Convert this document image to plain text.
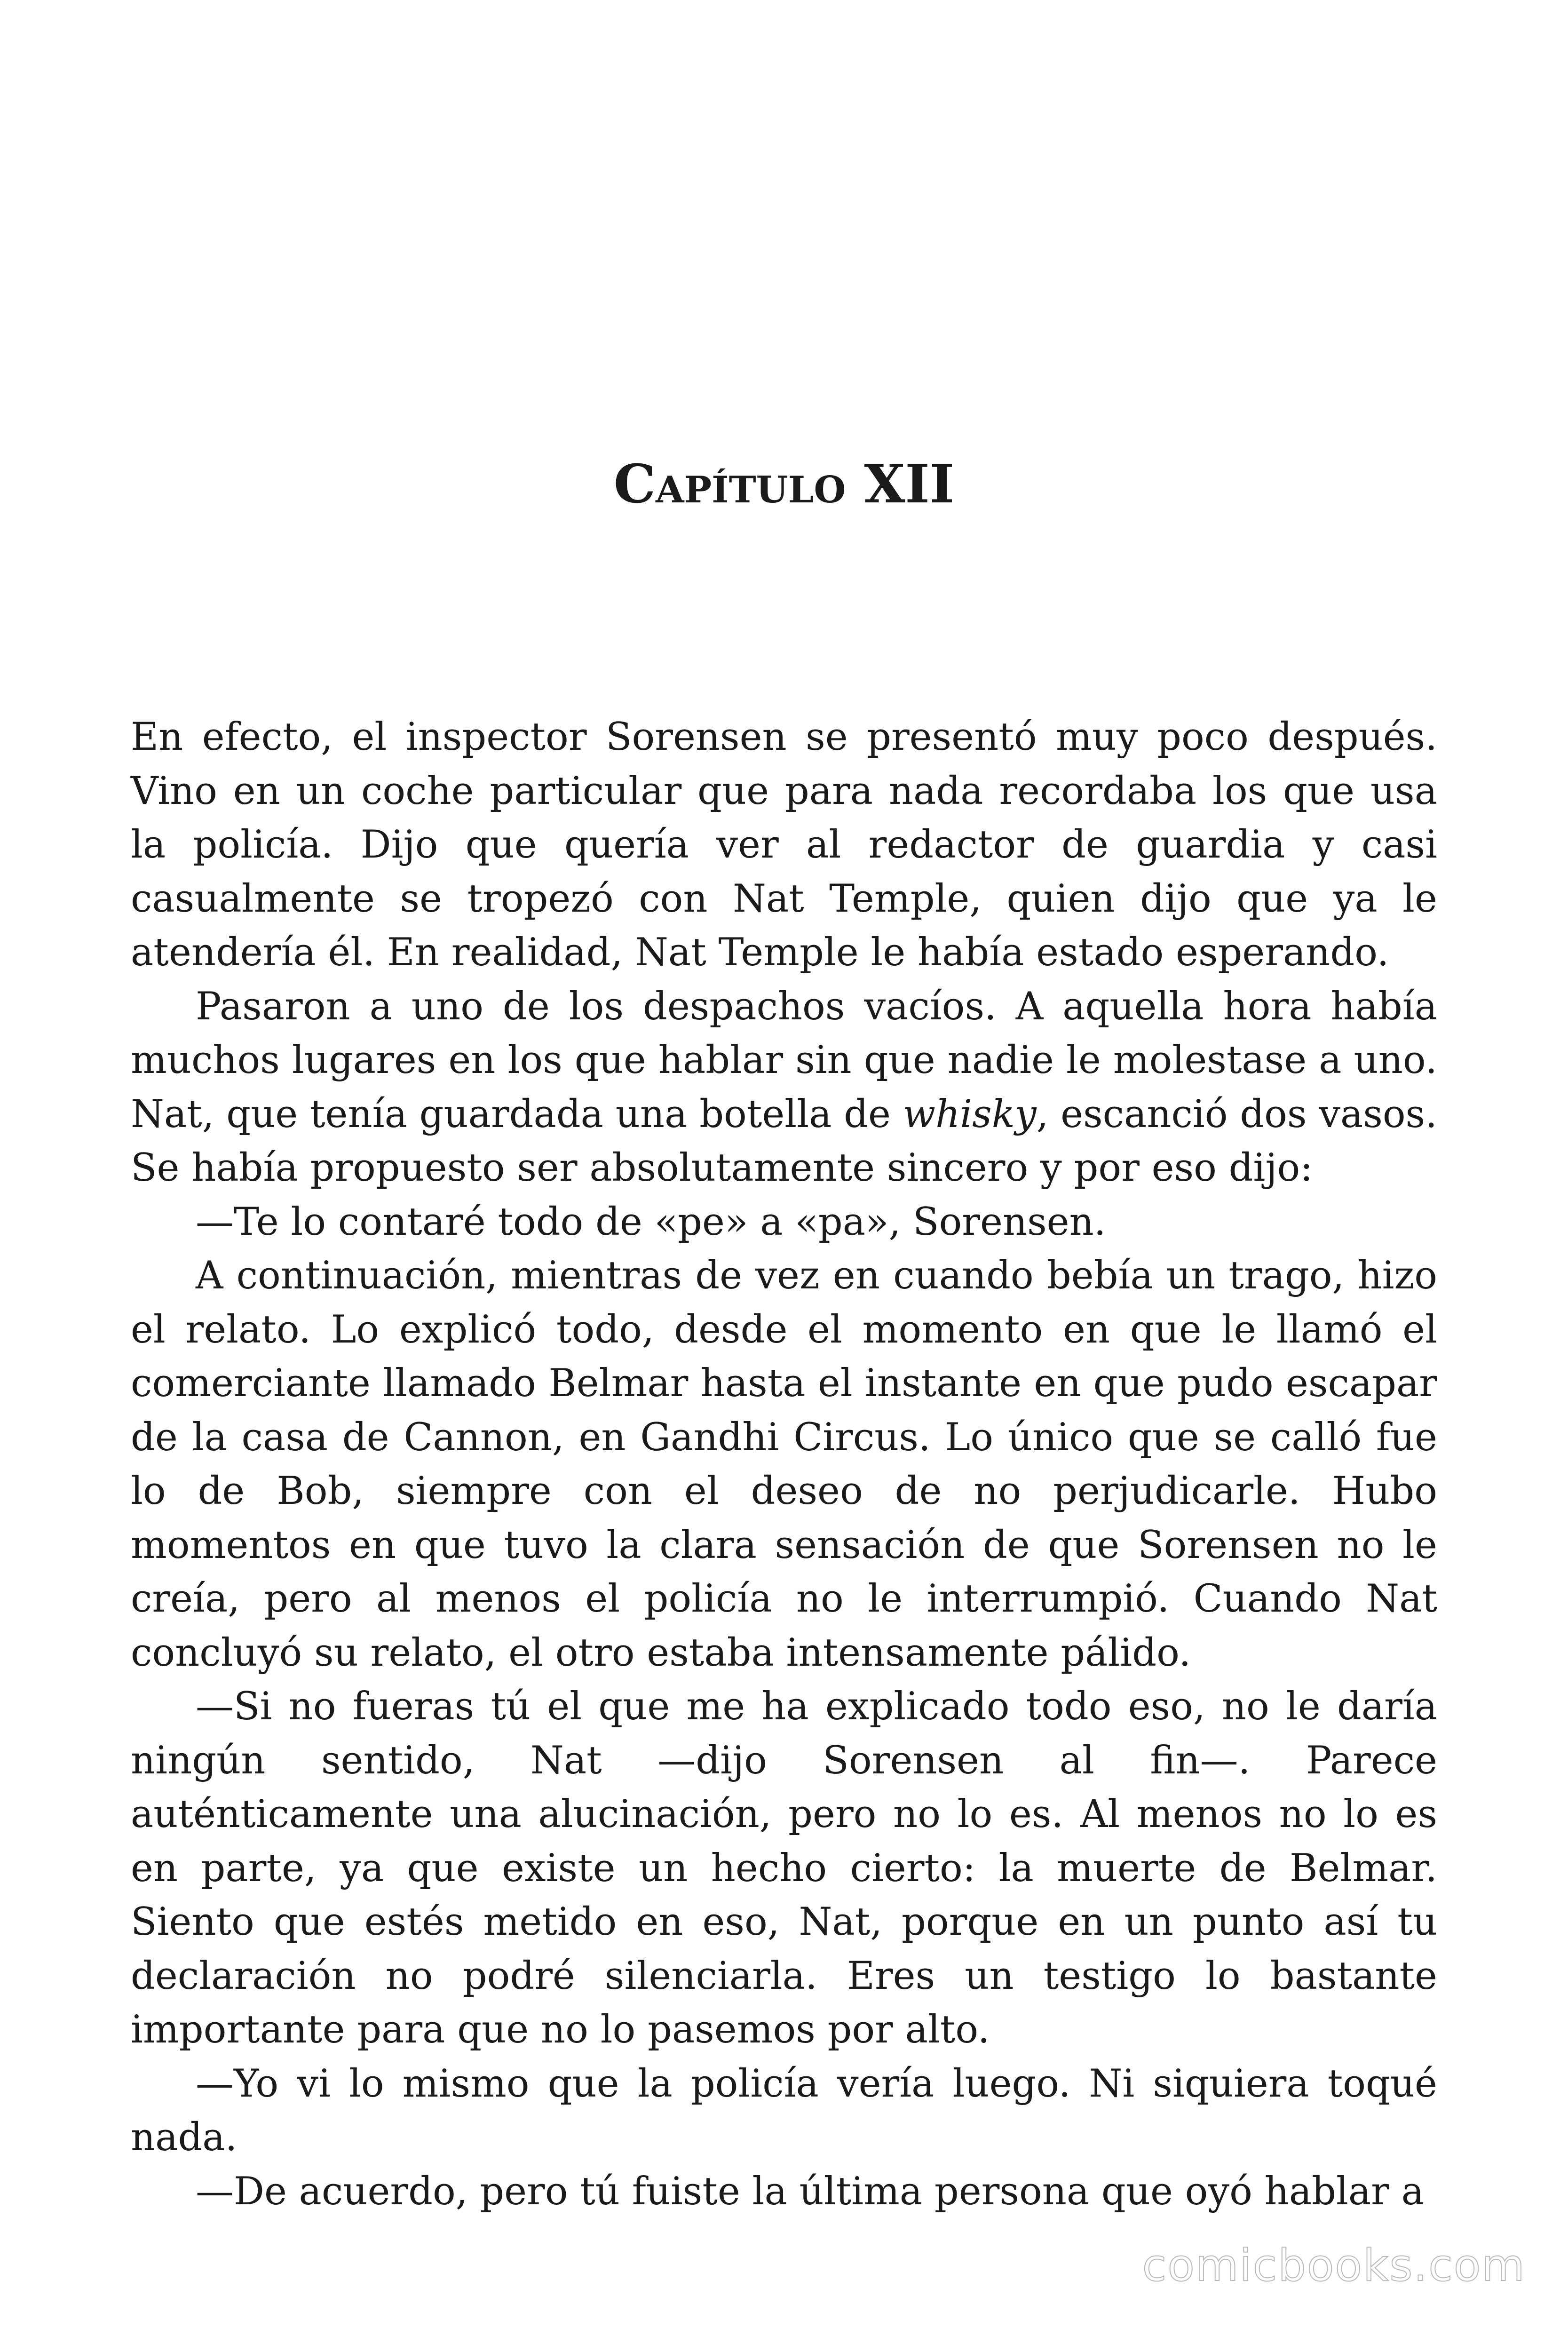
Capítulo XII

En efecto, el inspector Sorensen se presentó muy poco después. Vino en un coche particular que para nada recordaba los que usa la policía. Dijo que quería ver al redactor de guardia y casi casualmente se tropezó con Nat Temple, quien dijo que ya le atendería él. En realidad, Nat Temple le había estado esperando.

Pasaron a uno de los despachos vacíos. A aquella hora había muchos lugares en los que hablar sin que nadie le molestase a uno. Nat, que tenía guardada una botella de whisky, escanció dos vasos. Se había propuesto ser absolutamente sincero y por eso dijo:

—Te lo contaré todo de «pe» a «pa», Sorensen.

A continuación, mientras de vez en cuando bebía un trago, hizo el relato. Lo explicó todo, desde el momento en que le llamó el comerciante llamado Belmar hasta el instante en que pudo escapar de la casa de Cannon, en Gandhi Circus. Lo único que se calló fue lo de Bob, siempre con el deseo de no perjudicarle. Hubo momentos en que tuvo la clara sensación de que Sorensen no le creía, pero al menos el policía no le interrumpió. Cuando Nat concluyó su relato, el otro estaba intensamente pálido.

—Si no fueras tú el que me ha explicado todo eso, no le daría ningún sentido, Nat —dijo Sorensen al fin—. Parece auténticamente una alucinación, pero no lo es. Al menos no lo es en parte, ya que existe un hecho cierto: la muerte de Belmar. Siento que estés metido en eso, Nat, porque en un punto así tu declaración no podré silenciarla. Eres un testigo lo bastante importante para que no lo pasemos por alto.

—Yo vi lo mismo que la policía vería luego. Ni siquiera toqué nada.

—De acuerdo, pero tú fuiste la última persona que oyó hablar a

comicbooks.com
